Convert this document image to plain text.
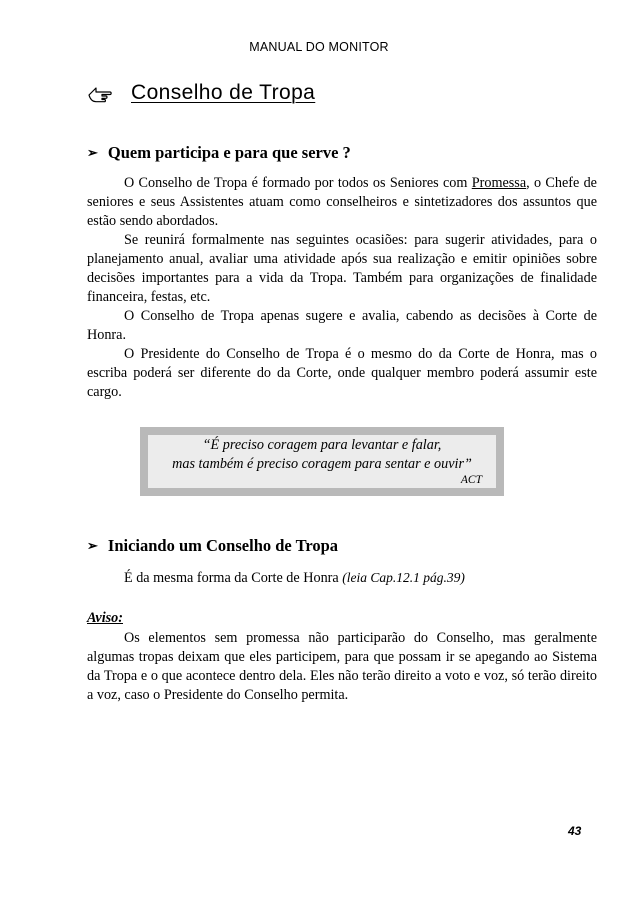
MANUAL DO MONITOR
Conselho de Tropa
➢ Quem participa e para que serve ?

O Conselho de Tropa é formado por todos os Seniores com Promessa, o Chefe de seniores e seus Assistentes atuam como conselheiros e sintetizadores dos assuntos que estão sendo abordados.

Se reunirá formalmente nas seguintes ocasiões: para sugerir atividades, para o planejamento anual, avaliar uma atividade após sua realização e emitir opiniões sobre decisões importantes para a vida da Tropa. Também para organizações de finalidade financeira, festas, etc.

O Conselho de Tropa apenas sugere e avalia, cabendo as decisões à Corte de Honra.

O Presidente do Conselho de Tropa é o mesmo do da Corte de Honra, mas o escriba poderá ser diferente do da Corte, onde qualquer membro poderá assumir este cargo.

“É preciso coragem para levantar e falar,
mas também é preciso coragem para sentar e ouvir”
ACT
➢ Iniciando um Conselho de Tropa
É da mesma forma da Corte de Honra (leia Cap.12.1 pág.39)
Aviso:

Os elementos sem promessa não participarão do Conselho, mas geralmente algumas tropas deixam que eles participem, para que possam ir se apegando ao Sistema da Tropa e o que acontece dentro dela. Eles não terão direito a voto e voz, só terão direito a voz, caso o Presidente do Conselho permita.

43
